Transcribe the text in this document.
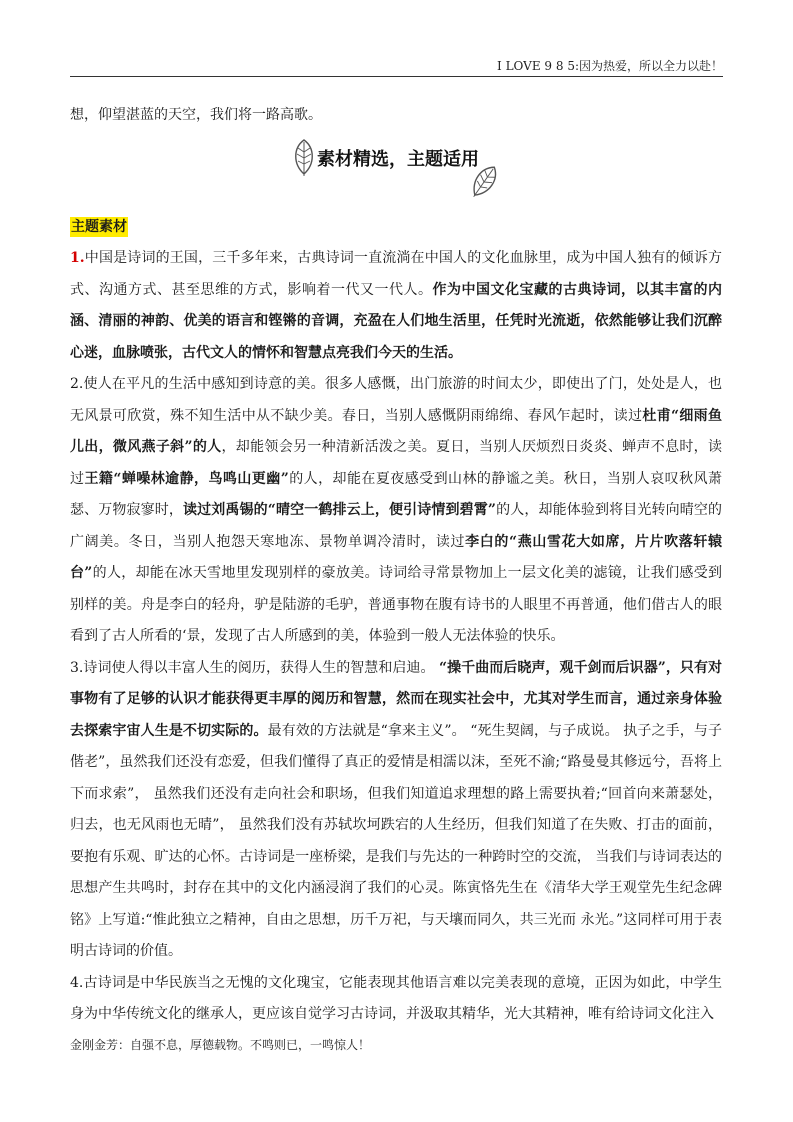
I LOVE 9 8 5:因为热爱，所以全力以赴！

想，仰望湛蓝的天空，我们将一路高歌。

素材精选，主题适用

主题素材

1.中国是诗词的王国，三千多年来，古典诗词一直流淌在中国人的文化血脉里，成为中国人独有的倾诉方式、沟通方式、甚至思维的方式，影响着一代又一代人。作为中国文化宝藏的古典诗词，以其丰富的内涵、清丽的神韵、优美的语言和铿锵的音调，充盈在人们地生活里，任凭时光流逝，依然能够让我们沉醉心迷，血脉喷张，古代文人的情怀和智慧点亮我们今天的生活。

2.使人在平凡的生活中感知到诗意的美。很多人感慨，出门旅游的时间太少，即使出了门，处处是人，也无风景可欣赏，殊不知生活中从不缺少美。春日，当别人感慨阴雨绵绵、春风乍起时，读过杜甫“细雨鱼儿出，微风燕子斜”的人，却能领会另一种清新活泼之美。夏日，当别人厌烦烈日炎炎、蝉声不息时，读过王籍“蝉噪林逾静，鸟鸣山更幽”的人，却能在夏夜感受到山林的静谧之美。秋日，当别人哀叹秋风萧瑟、万物寂寥时，读过刘禹锡的“晴空一鹤排云上，便引诗情到碧霄”的人，却能体验到将目光转向晴空的广阔美。冬日，当别人抱怨天寒地冻、景物单调冷清时，读过李白的“燕山雪花大如席，片片吹落轩辕台”的人，却能在冰天雪地里发现别样的豪放美。诗词给寻常景物加上一层文化美的滤镜，让我们感受到别样的美。舟是李白的轻舟，驴是陆游的毛驴，普通事物在腹有诗书的人眼里不再普通，他们借古人的眼看到了古人所看的‘景，发现了古人所感到的美，体验到一般人无法体验的快乐。

3.诗词使人得以丰富人生的阅历，获得人生的智慧和启迪。 “操千曲而后晓声，观千剑而后识器”，只有对事物有了足够的认识才能获得更丰厚的阅历和智慧，然而在现实社会中，尤其对学生而言，通过亲身体验去探索宇宙人生是不切实际的。最有效的方法就是“拿来主义”。 “死生契阔，与子成说。 执子之手，与子偕老”，虽然我们还没有恋爱，但我们懂得了真正的爱情是相濡以沫，至死不渝;“路曼曼其修远兮，吾将上下而求索”， 虽然我们还没有走向社会和职场，但我们知道追求理想的路上需要执着;“回首向来萧瑟处，归去，也无风雨也无晴”， 虽然我们没有苏轼坎坷跌宕的人生经历，但我们知道了在失败、打击的面前，要抱有乐观、旷达的心怀。古诗词是一座桥梁，是我们与先达的一种跨时空的交流， 当我们与诗词表达的 思想产生共鸣时，封存在其中的文化内涵浸润了我们的心灵。陈寅恪先生在《清华大学王观堂先生纪念碑铭》上写道:“惟此独立之精神，自由之思想，历千万祀，与天壤而同久，共三光而 永光。”这同样可用于表明古诗词的价值。

4.古诗词是中华民族当之无愧的文化瑰宝，它能表现其他语言难以完美表现的意境，正因为如此，中学生身为中华传统文化的继承人，更应该自觉学习古诗词，并汲取其精华，光大其精神，唯有给诗词文化注入

金刚金芳：自强不息，厚德载物。不鸣则已，一鸣惊人！
